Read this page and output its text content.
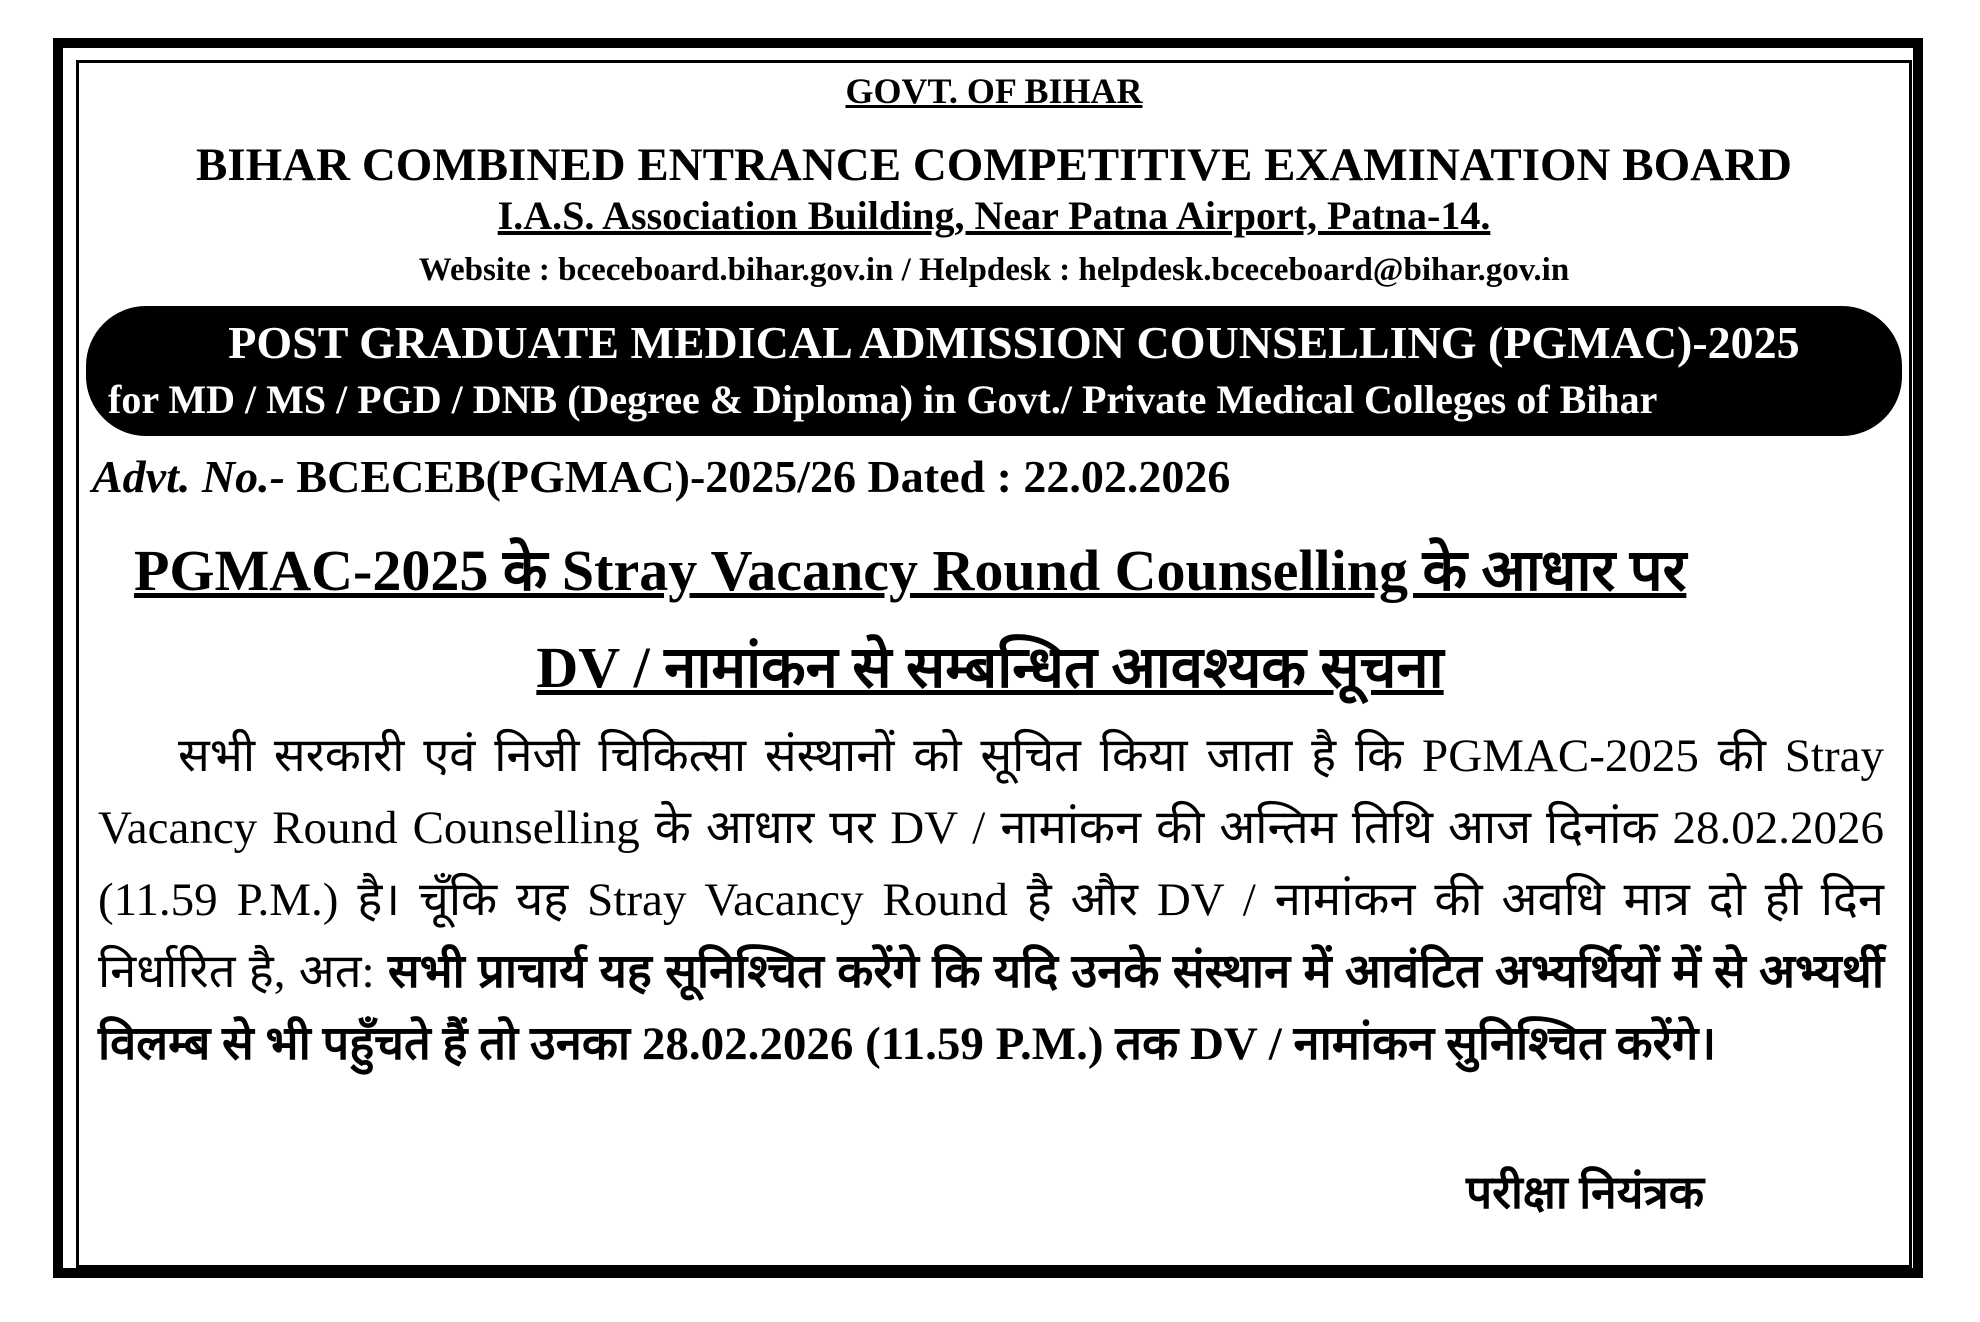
GOVT. OF BIHAR
BIHAR COMBINED ENTRANCE COMPETITIVE EXAMINATION BOARD
I.A.S. Association Building, Near Patna Airport, Patna-14.
Website : bceceboard.bihar.gov.in / Helpdesk : helpdesk.bceceboard@bihar.gov.in
POST GRADUATE MEDICAL ADMISSION COUNSELLING (PGMAC)-2025
for MD / MS / PGD / DNB (Degree & Diploma) in Govt./ Private Medical Colleges of Bihar
Advt. No.- BCECEB(PGMAC)-2025/26 Dated : 22.02.2026
PGMAC-2025 के Stray Vacancy Round Counselling के आधार पर
DV / नामांकन से सम्बन्धित आवश्यक सूचना
सभी सरकारी एवं निजी चिकित्सा संस्थानों को सूचित किया जाता है कि PGMAC-2025 की Stray Vacancy Round Counselling के आधार पर DV / नामांकन की अन्तिम तिथि आज दिनांक 28.02.2026 (11.59 P.M.) है। चूँकि यह Stray Vacancy Round है और DV / नामांकन की अवधि मात्र दो ही दिन निर्धारित है, अत: सभी प्राचार्य यह सूनिश्चित करेंगे कि यदि उनके संस्थान में आवंटित अभ्यर्थियों में से अभ्यर्थी विलम्ब से भी पहुँचते हैं तो उनका 28.02.2026 (11.59 P.M.) तक DV / नामांकन सुनिश्चित करेंगे।
परीक्षा नियंत्रक
